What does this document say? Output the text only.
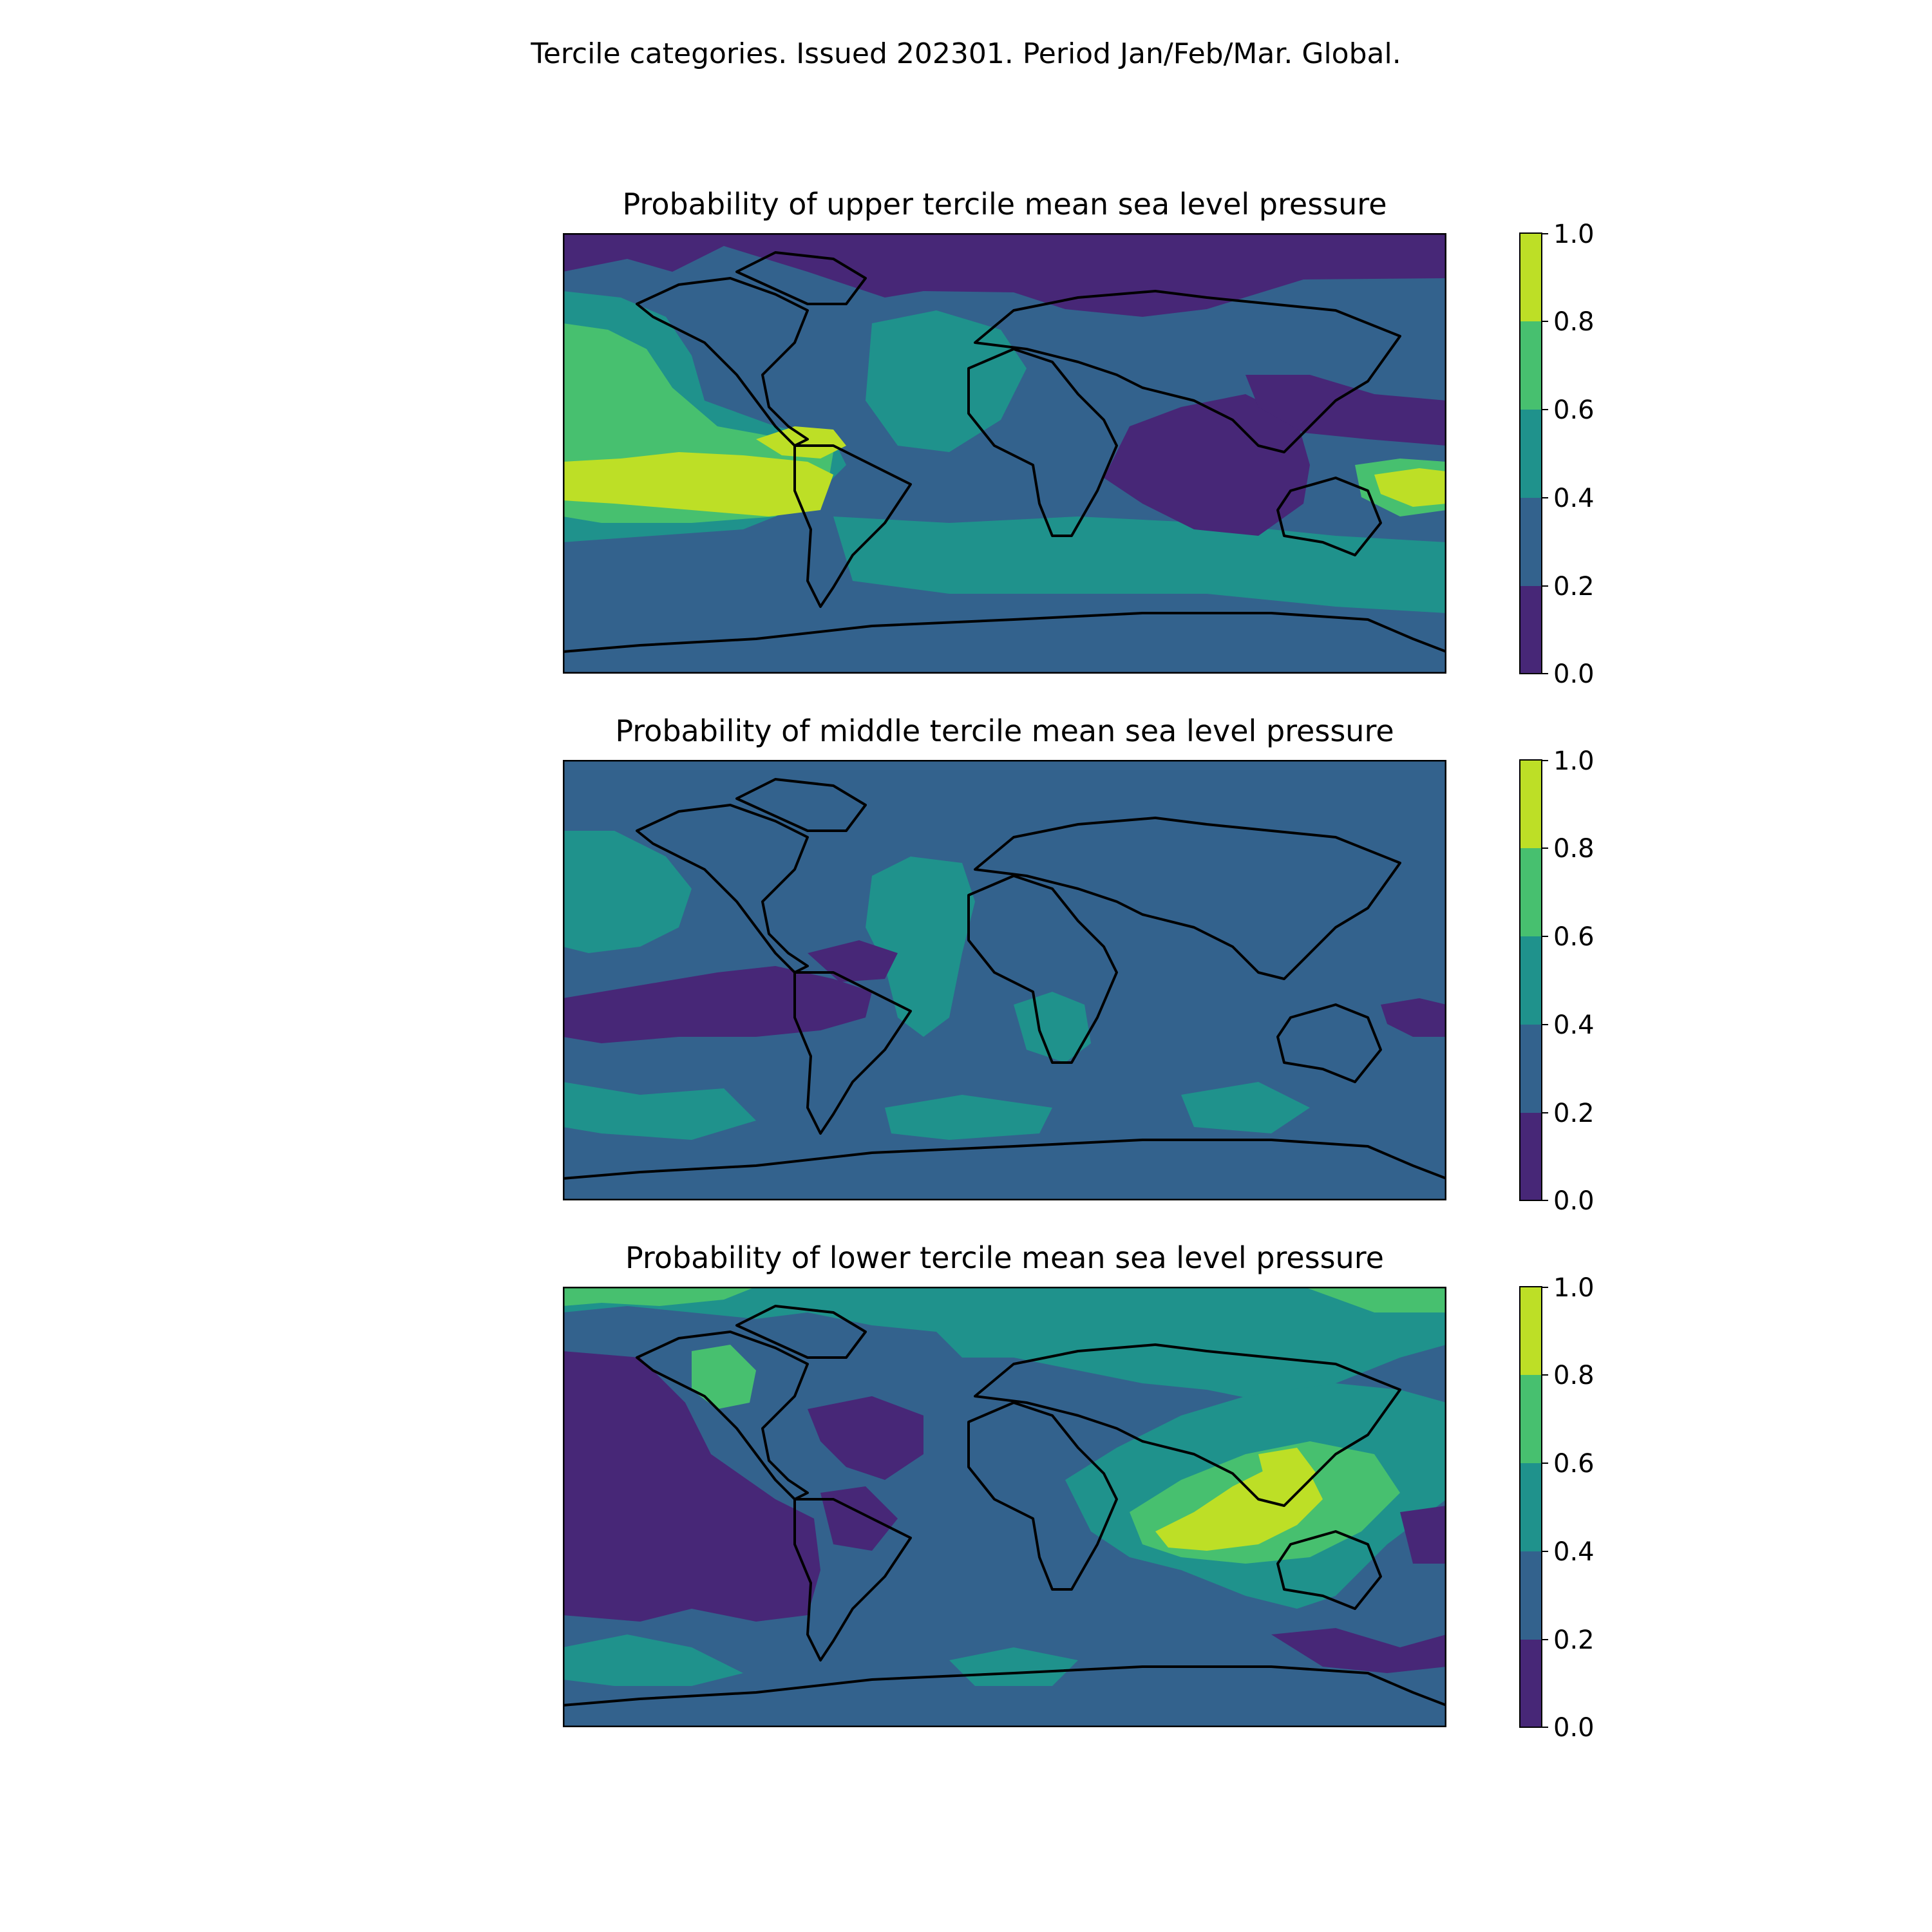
Tercile categories. Issued 202301. Period Jan/Feb/Mar. Global.
Probability of upper tercile mean sea level pressure
0.0
0.2
0.4
0.6
0.8
1.0
Probability of middle tercile mean sea level pressure
0.0
0.2
0.4
0.6
0.8
1.0
Probability of lower tercile mean sea level pressure
0.0
0.2
0.4
0.6
0.8
1.0
